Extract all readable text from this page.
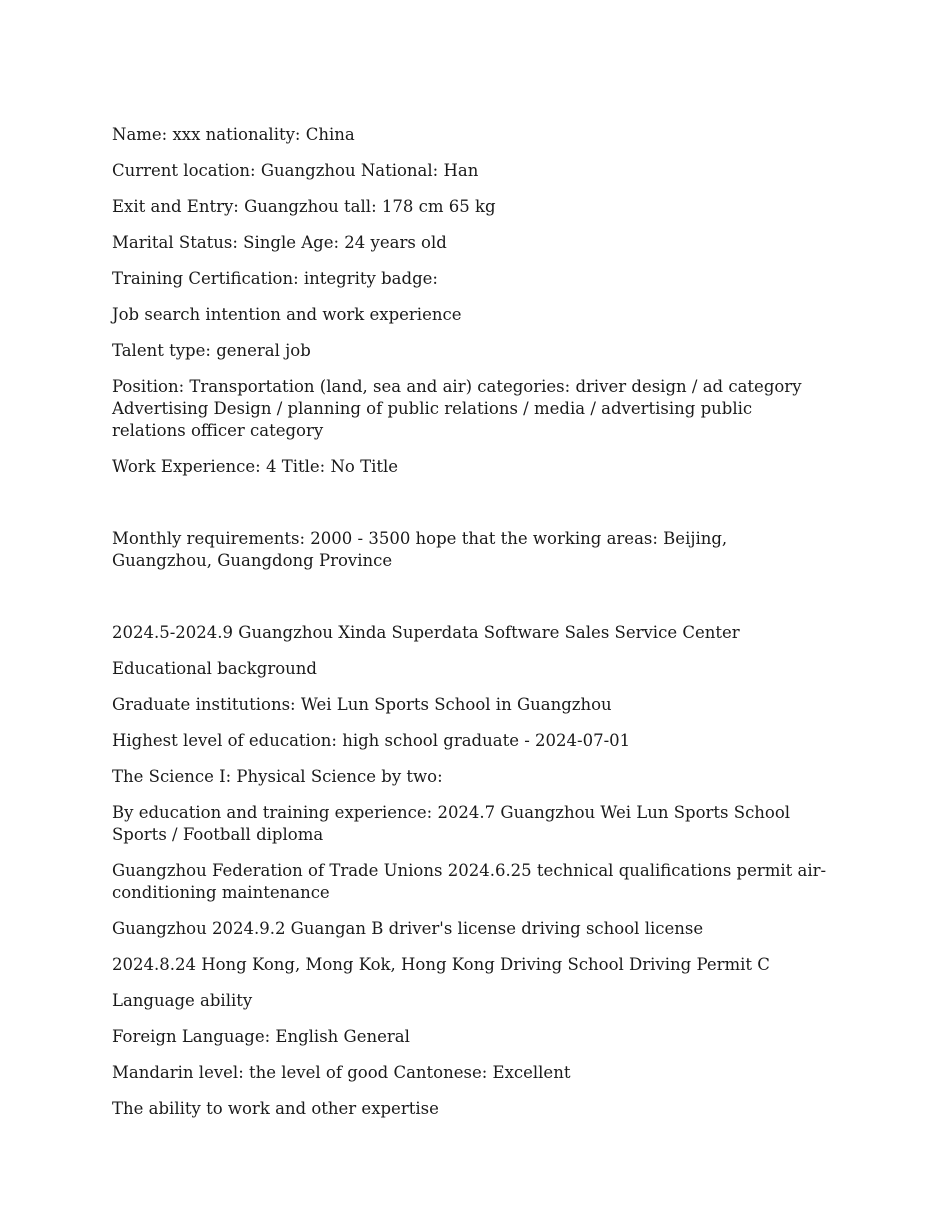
Name: xxx nationality: China

Current location: Guangzhou National: Han

Exit and Entry: Guangzhou tall: 178 cm 65 kg

Marital Status: Single Age: 24 years old

Training Certification: integrity badge:

Job search intention and work experience

Talent type: general job

Position: Transportation (land, sea and air) categories: driver design / ad category Advertising Design / planning of public relations / media / advertising public relations officer category

Work Experience: 4 Title: No Title

Monthly requirements: 2000 - 3500 hope that the working areas: Beijing, Guangzhou, Guangdong Province

2024.5-2024.9 Guangzhou Xinda Superdata Software Sales Service Center

Educational background

Graduate institutions: Wei Lun Sports School in Guangzhou

Highest level of education: high school graduate - 2024-07-01

The Science I: Physical Science by two:

By education and training experience: 2024.7 Guangzhou Wei Lun Sports School Sports / Football diploma

Guangzhou Federation of Trade Unions 2024.6.25 technical qualifications permit air-conditioning maintenance

Guangzhou 2024.9.2 Guangan B driver's license driving school license

2024.8.24 Hong Kong, Mong Kok, Hong Kong Driving School Driving Permit C

Language ability

Foreign Language: English General

Mandarin level: the level of good Cantonese: Excellent

The ability to work and other expertise
